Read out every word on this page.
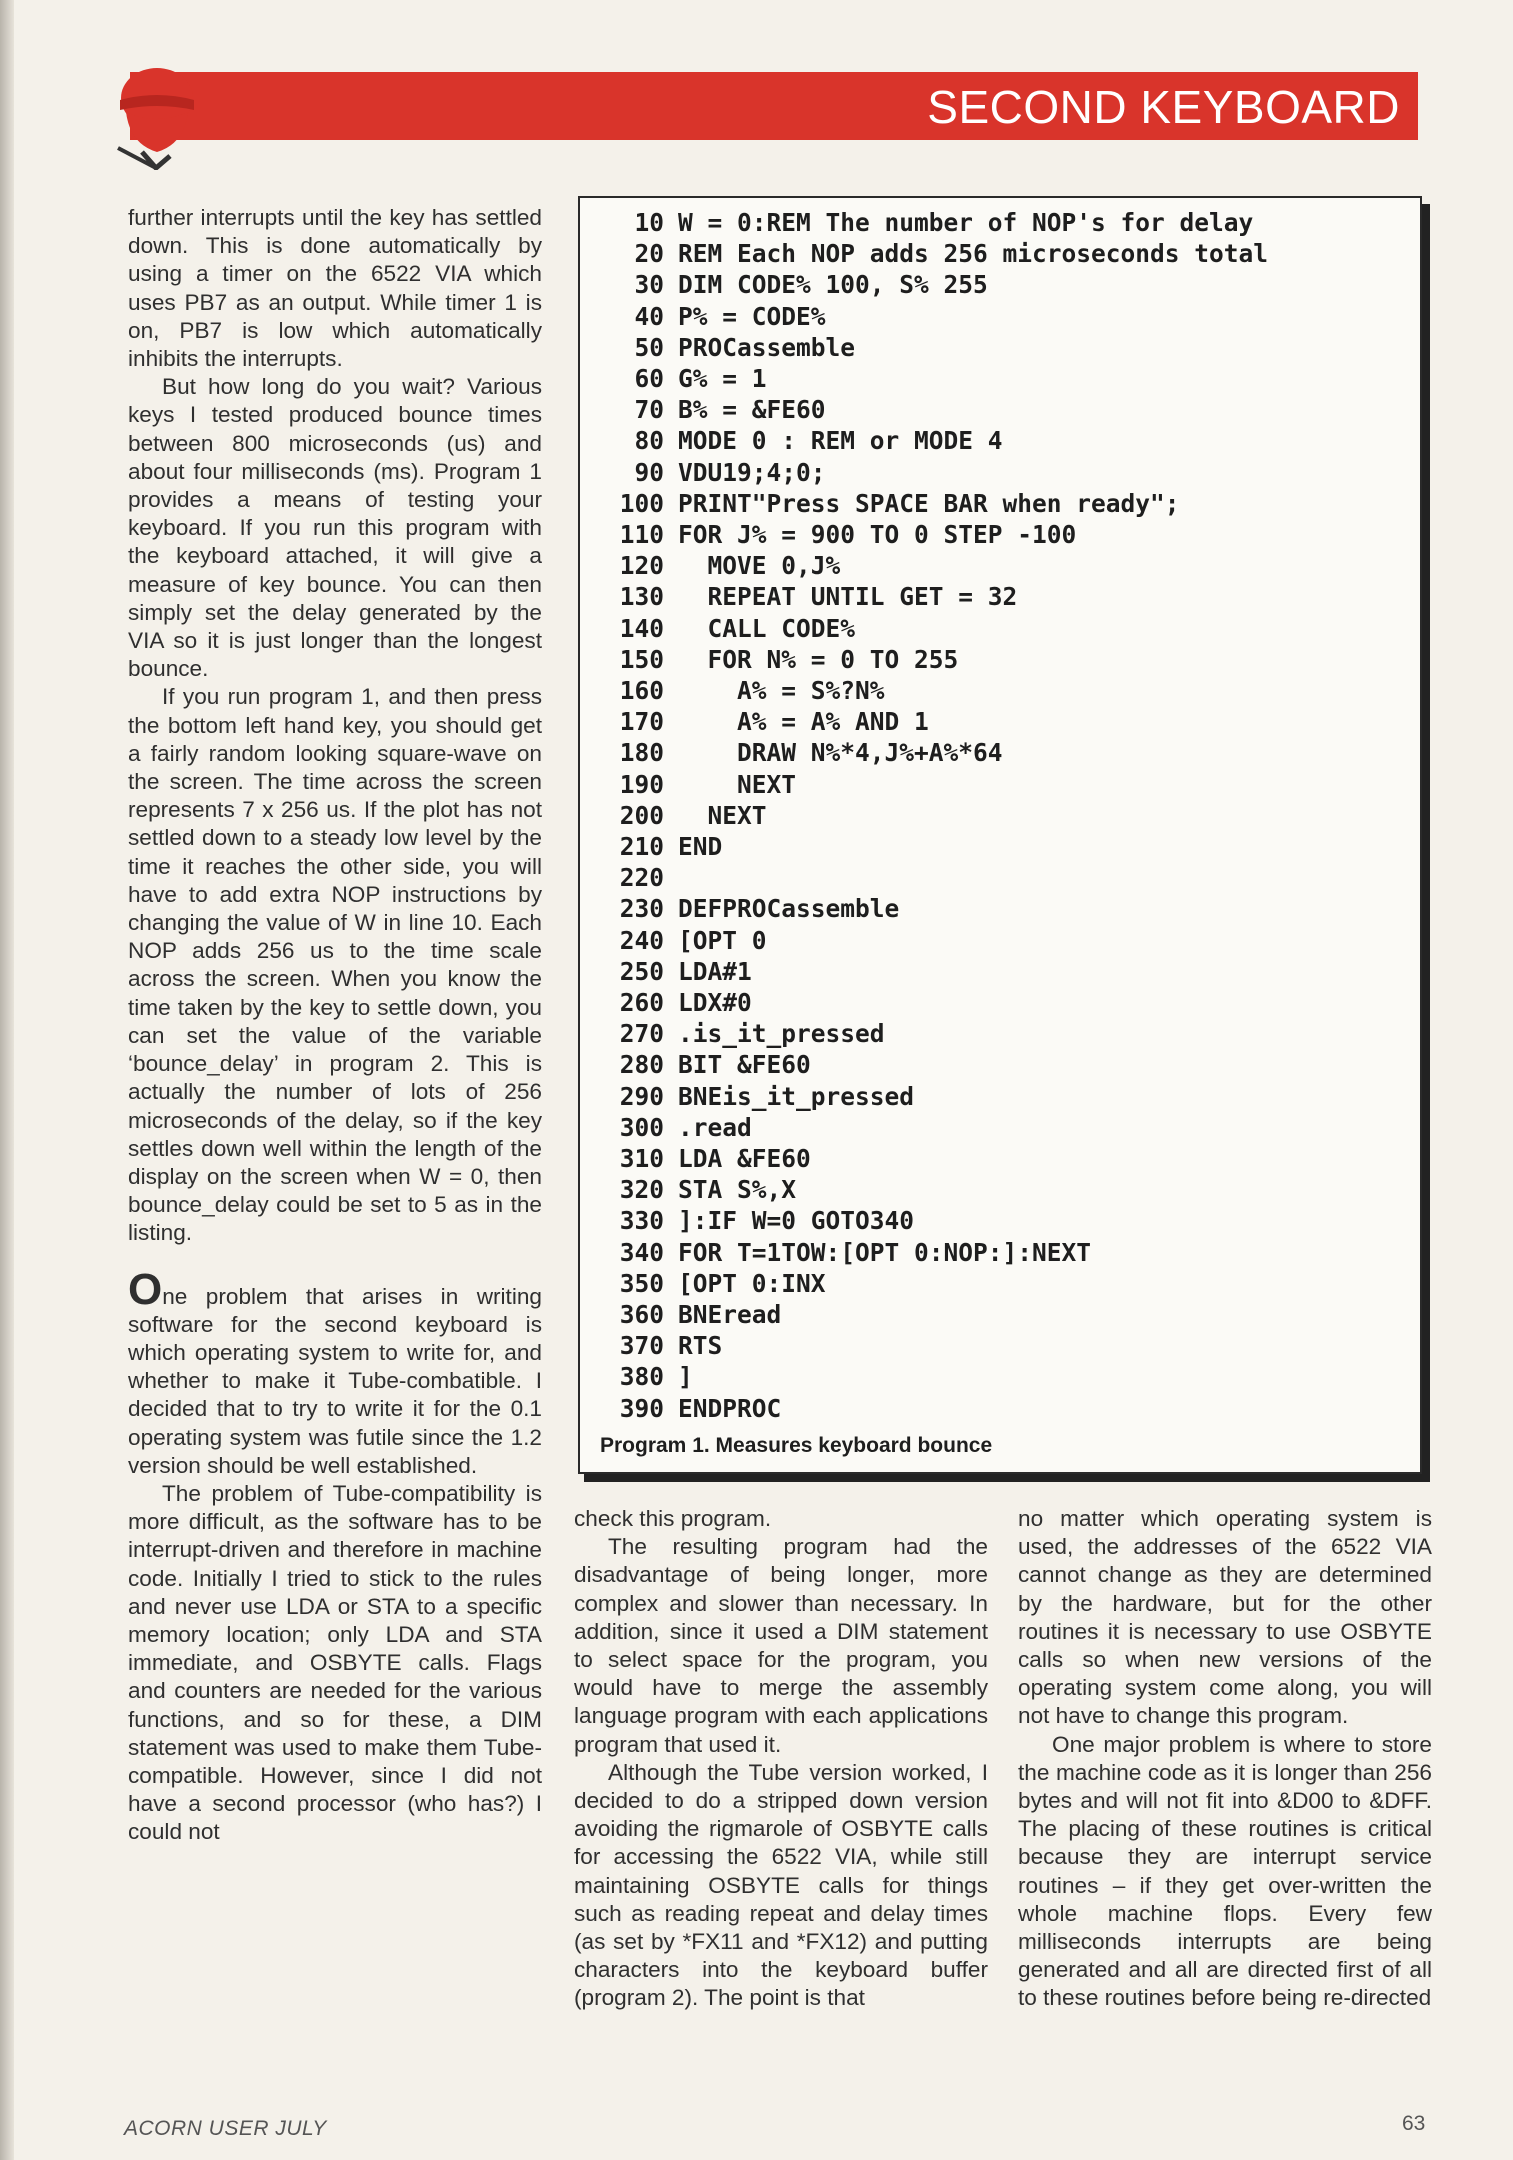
SECOND KEYBOARD

further interrupts until the key has settled down. This is done automatically by using a timer on the 6522 VIA which uses PB7 as an output. While timer 1 is on, PB7 is low which automatically inhibits the interrupts.

But how long do you wait? Various keys I tested produced bounce times between 800 microseconds (us) and about four milliseconds (ms). Program 1 provides a means of testing your keyboard. If you run this program with the keyboard attached, it will give a measure of key bounce. You can then simply set the delay generated by the VIA so it is just longer than the longest bounce.

If you run program 1, and then press the bottom left hand key, you should get a fairly random looking square-wave on the screen. The time across the screen represents 7 x 256 us. If the plot has not settled down to a steady low level by the time it reaches the other side, you will have to add extra NOP instructions by changing the value of W in line 10. Each NOP adds 256 us to the time scale across the screen. When you know the time taken by the key to settle down, you can set the value of the variable ‘bounce_delay’ in program 2. This is actually the number of lots of 256 microseconds of the delay, so if the key settles down well within the length of the display on the screen when W = 0, then bounce_delay could be set to 5 as in the listing.

One problem that arises in writing software for the second keyboard is which operating system to write for, and whether to make it Tube-combatible. I decided that to try to write it for the 0.1 operating system was futile since the 1.2 version should be well established.

The problem of Tube-compatibility is more difficult, as the software has to be interrupt-driven and therefore in machine code. Initially I tried to stick to the rules and never use LDA or STA to a specific memory location; only LDA and STA immediate, and OSBYTE calls. Flags and counters are needed for the various functions, and so for these, a DIM statement was used to make them Tube-compatible. However, since I did not have a second processor (who has?) I could not

Program 1. Measures keyboard bounce
10 W = 0:REM The number of NOP's for delay
20 REM Each NOP adds 256 microseconds total
30 DIM CODE% 100, S% 255
40 P% = CODE%
50 PROCassemble
60 G% = 1
70 B% = &FE60
80 MODE 0 : REM or MODE 4
90 VDU19;4;0;
100 PRINT"Press SPACE BAR when ready";
110 FOR J% = 900 TO 0 STEP -100
120 MOVE 0,J%
130 REPEAT UNTIL GET = 32
140 CALL CODE%
150 FOR N% = 0 TO 255
160 A% = S%?N%
170 A% = A% AND 1
180 DRAW N%*4,J%+A%*64
190 NEXT
200 NEXT
210 END
220
230 DEFPROCassemble
240 [OPT 0
250 LDA#1
260 LDX#0
270 .is_it_pressed
280 BIT &FE60
290 BNEis_it_pressed
300 .read
310 LDA &FE60
320 STA S%,X
330 ]:IF W=0 GOTO340
340 FOR T=1TOW:[OPT 0:NOP:]:NEXT
350 [OPT 0:INX
360 BNEread
370 RTS
380 ]
390 ENDPROC

check this program.

The resulting program had the disadvantage of being longer, more complex and slower than necessary. In addition, since it used a DIM statement to select space for the program, you would have to merge the assembly language program with each applications program that used it.

Although the Tube version worked, I decided to do a stripped down version avoiding the rigmarole of OSBYTE calls for accessing the 6522 VIA, while still maintaining OSBYTE calls for things such as reading repeat and delay times (as set by *FX11 and *FX12) and putting characters into the keyboard buffer (program 2). The point is that

no matter which operating system is used, the addresses of the 6522 VIA cannot change as they are determined by the hardware, but for the other routines it is necessary to use OSBYTE calls so when new versions of the operating system come along, you will not have to change this program.

One major problem is where to store the machine code as it is longer than 256 bytes and will not fit into &D00 to &DFF. The placing of these routines is critical because they are interrupt service routines – if they get over-written the whole machine flops. Every few milliseconds interrupts are being generated and all are directed first of all to these routines before being re-directed

ACORN USER JULY	63
